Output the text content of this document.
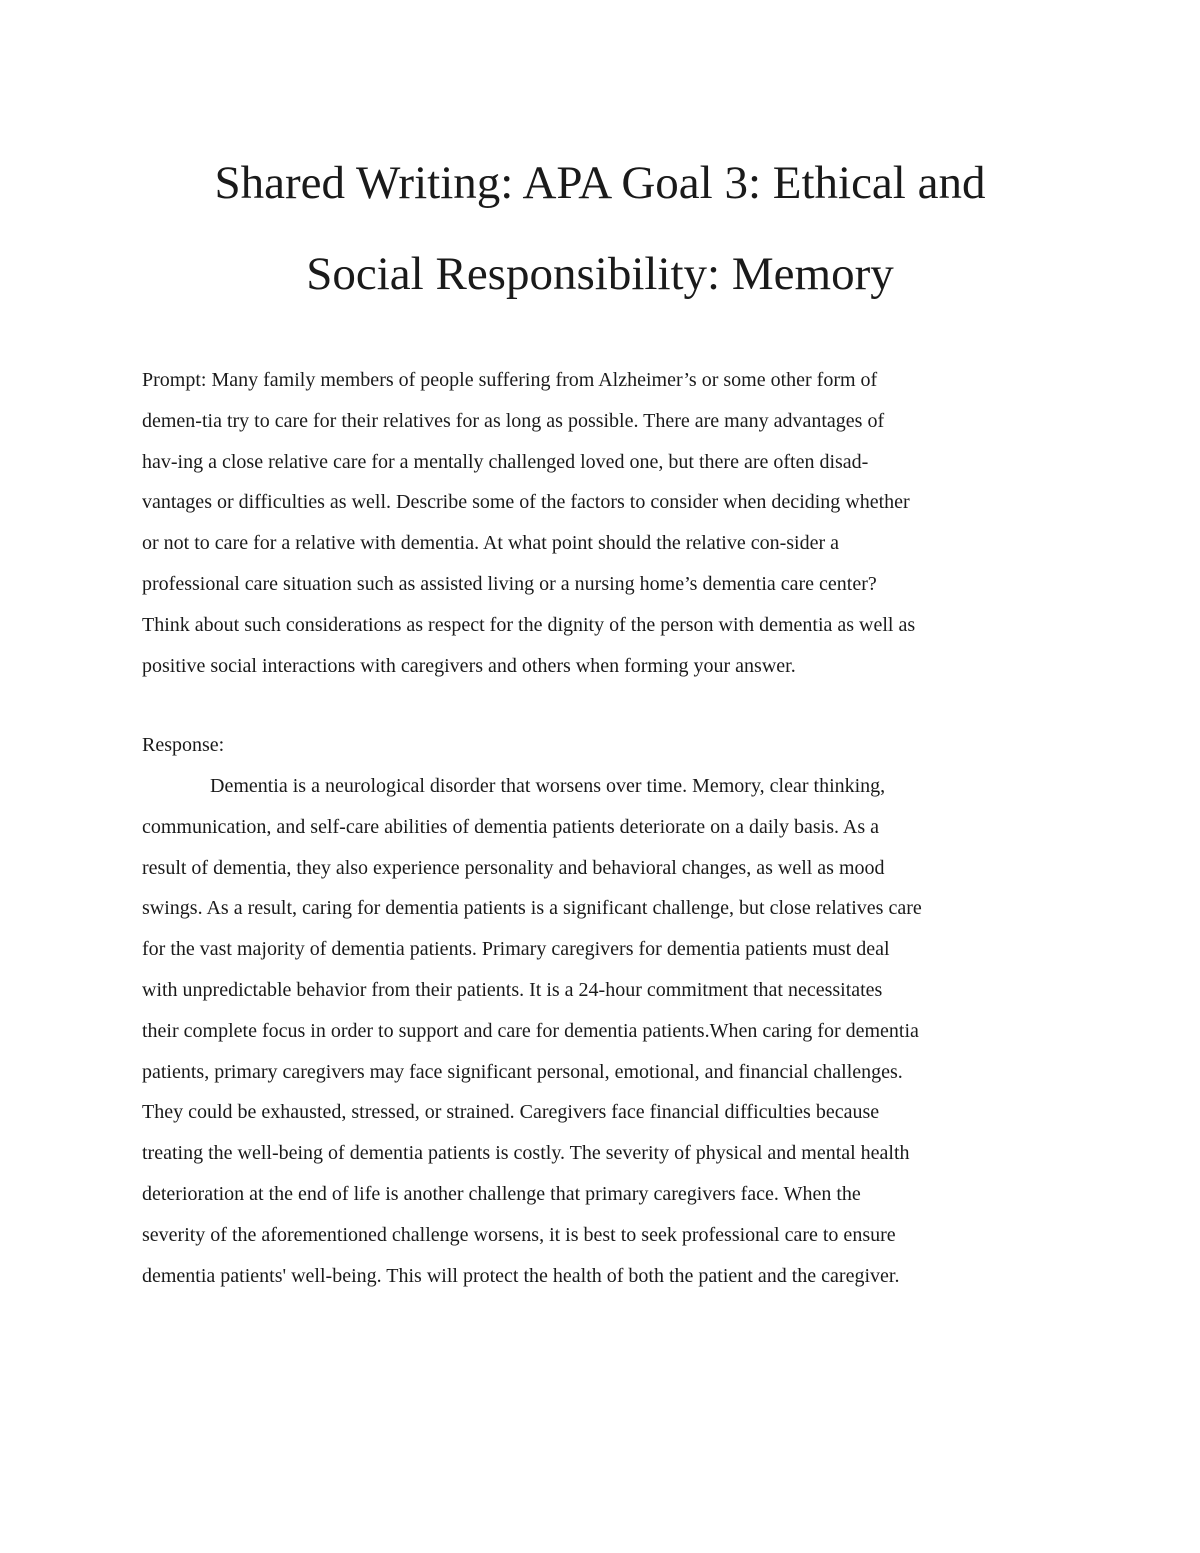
Shared Writing: APA Goal 3: Ethical and
Social Responsibility: Memory

Prompt: Many family members of people suffering from Alzheimer’s or some other form of
demen-tia try to care for their relatives for as long as possible. There are many advantages of
hav-ing a close relative care for a mentally challenged loved one, but there are often disad-
vantages or difficulties as well. Describe some of the factors to consider when deciding whether
or not to care for a relative with dementia. At what point should the relative con-sider a
professional care situation such as assisted living or a nursing home’s dementia care center?
Think about such considerations as respect for the dignity of the person with dementia as well as
positive social interactions with caregivers and others when forming your answer.

Response:

Dementia is a neurological disorder that worsens over time. Memory, clear thinking,
communication, and self-care abilities of dementia patients deteriorate on a daily basis. As a
result of dementia, they also experience personality and behavioral changes, as well as mood
swings. As a result, caring for dementia patients is a significant challenge, but close relatives care
for the vast majority of dementia patients. Primary caregivers for dementia patients must deal
with unpredictable behavior from their patients. It is a 24-hour commitment that necessitates
their complete focus in order to support and care for dementia patients.When caring for dementia
patients, primary caregivers may face significant personal, emotional, and financial challenges.
They could be exhausted, stressed, or strained. Caregivers face financial difficulties because
treating the well-being of dementia patients is costly. The severity of physical and mental health
deterioration at the end of life is another challenge that primary caregivers face. When the
severity of the aforementioned challenge worsens, it is best to seek professional care to ensure
dementia patients' well-being. This will protect the health of both the patient and the caregiver.
